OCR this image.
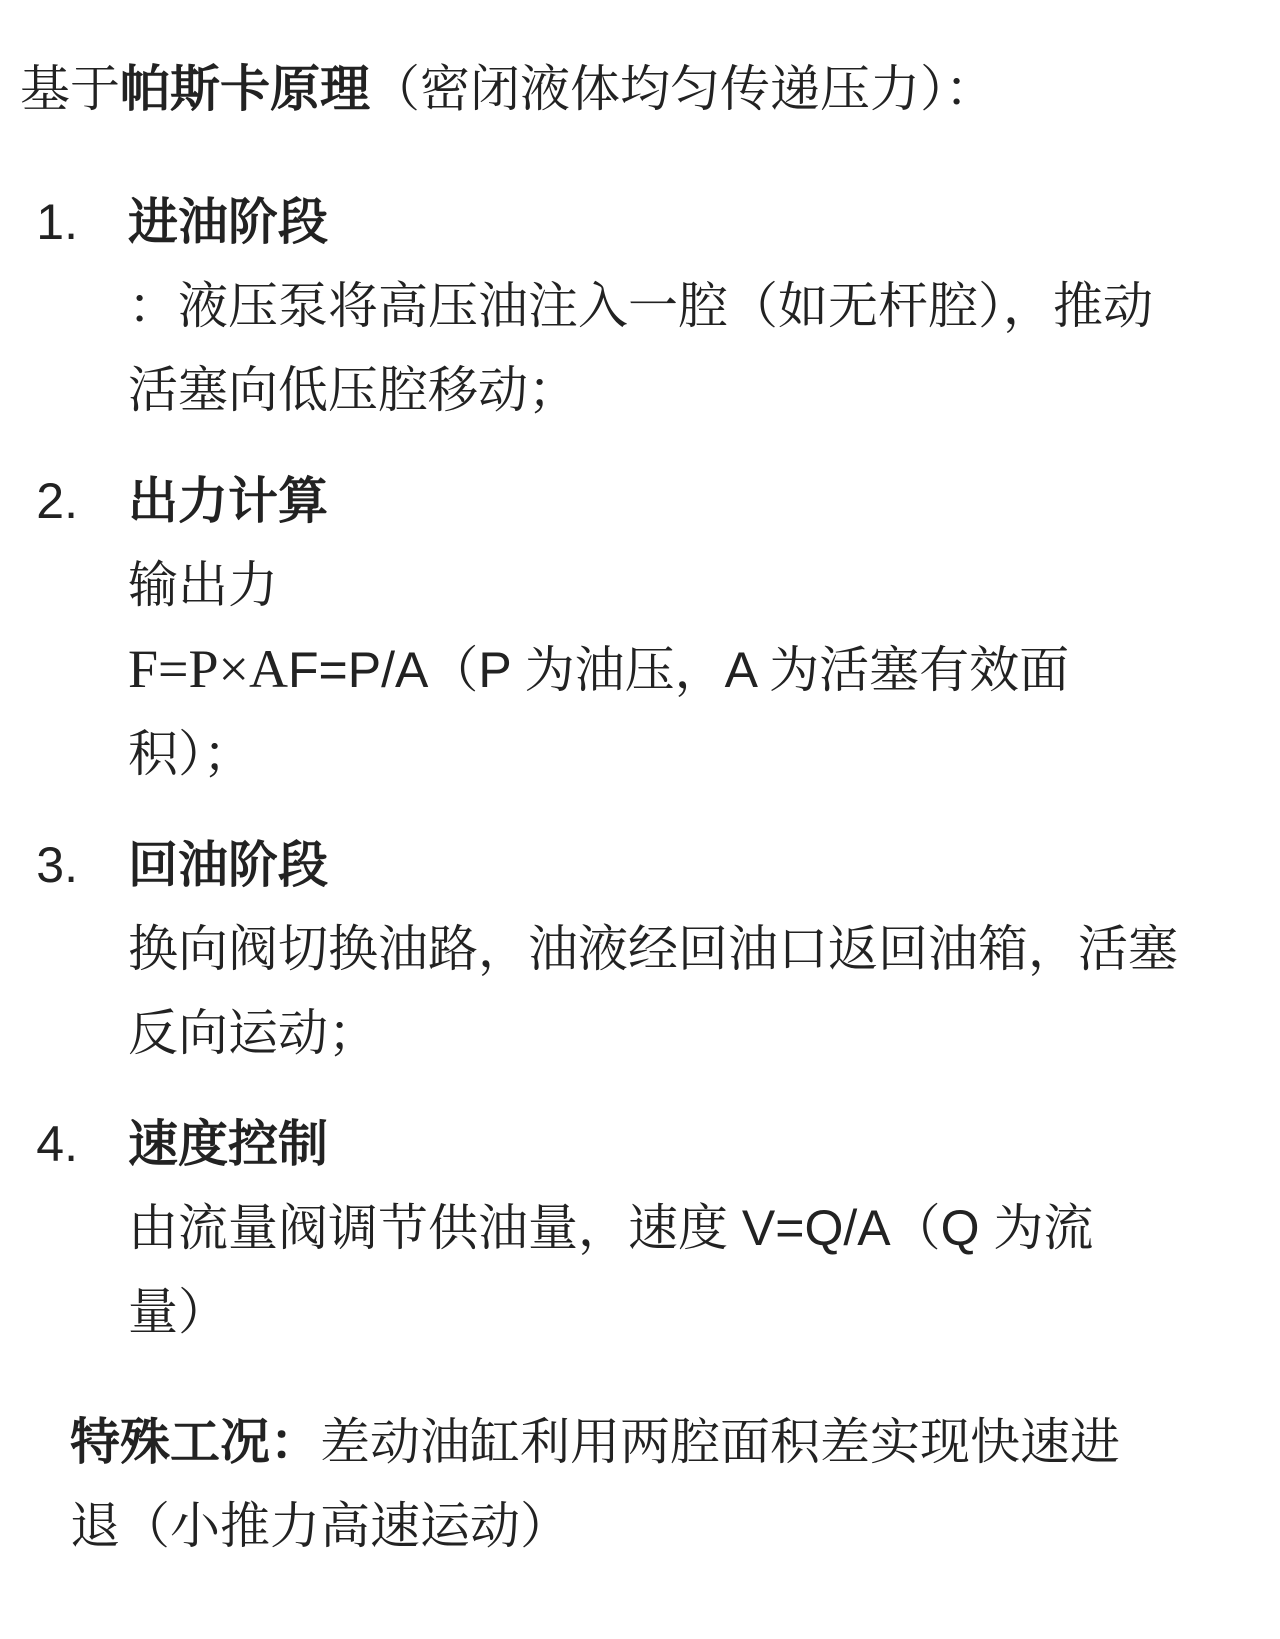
基于帕斯卡原理（密闭液体均匀传递压力）：

1. 进油阶段
：液压泵将高压油注入一腔（如无杆腔），推动
活塞向低压腔移动；
2. 出力计算
输出力
F=P×AF=P/A（P 为油压，A 为活塞有效面
积）；
3. 回油阶段
换向阀切换油路，油液经回油口返回油箱，活塞
反向运动；
4. 速度控制
由流量阀调节供油量，速度 V=Q/A（Q 为流
量）

特殊工况：差动油缸利用两腔面积差实现快速进
退（小推力高速运动）
